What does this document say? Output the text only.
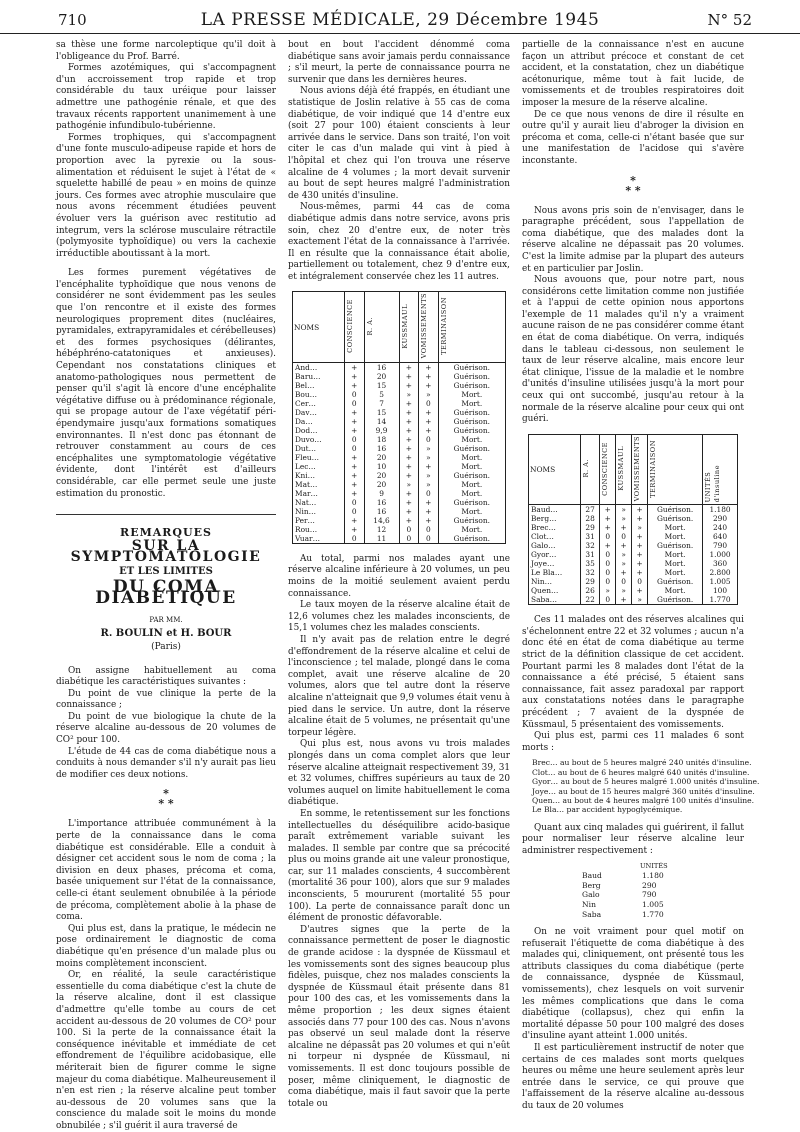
710	LA PRESSE MÉDICALE, 29 Décembre 1945	N° 52

sa thèse une forme narcoleptique qu'il doit à l'obligeance du Prof. Barré.

Formes azotémiques, qui s'accompagnent d'un accroissement trop rapide et trop considérable du taux uréique pour laisser admettre une pathogénie rénale, et que des travaux récents rapportent unanimement à une pathogénie infundibulo-tubérienne.

Formes trophiques, qui s'accompagnent d'une fonte musculo-adipeuse rapide et hors de proportion avec la pyrexie ou la sous-alimentation et réduisent le sujet à l'état de « squelette habillé de peau » en moins de quinze jours. Ces formes avec atrophie musculaire que nous avons récemment étudiées peuvent évoluer vers la guérison avec restitutio ad integrum, vers la sclérose musculaire rétractile (polymyosite typhoïdique) ou vers la cachexie irréductible aboutissant à la mort.

Les formes purement végétatives de l'encéphalite typhoïdique que nous venons de considérer ne sont évidemment pas les seules que l'on rencontre et il existe des formes neurologiques proprement dites (nucléaires, pyramidales, extrapyramidales et cérébelleuses) et des formes psychosiques (délirantes, hébéphréno-catatoniques et anxieuses). Cependant nos constatations cliniques et anatomo-pathologiques nous permettent de penser qu'il s'agit là encore d'une encéphalite végétative diffuse ou à prédominance régionale, qui se propage autour de l'axe végétatif péri-épendymaire jusqu'aux formations somatiques environnantes. Il n'est donc pas étonnant de retrouver constamment au cours de ces encéphalites une symptomatologie végétative évidente, dont l'intérêt est d'ailleurs considérable, car elle permet seule une juste estimation du pronostic.

REMARQUES
SUR LA SYMPTOMATOLOGIE
ET LES LIMITES
DU COMA DIABÉTIQUE
PAR MM.
R. BOULIN et H. BOUR
(Paris)

On assigne habituellement au coma diabétique les caractéristiques suivantes :

Du point de vue clinique la perte de la connaissance ;

Du point de vue biologique la chute de la réserve alcaline au-dessous de 20 volumes de CO² pour 100.

L'étude de 44 cas de coma diabétique nous a conduits à nous demander s'il n'y aurait pas lieu de modifier ces deux notions.

*
* *

L'importance attribuée communément à la perte de la connaissance dans le coma diabétique est considérable. Elle a conduit à désigner cet accident sous le nom de coma ; la division en deux phases, précoma et coma, basée uniquement sur l'état de la connaissance, celle-ci étant seulement obnubilée à la période de précoma, complètement abolie à la phase de coma.

Qui plus est, dans la pratique, le médecin ne pose ordinairement le diagnostic de coma diabétique qu'en présence d'un malade plus ou moins complètement inconscient.

Or, en réalité, la seule caractéristique essentielle du coma diabétique c'est la chute de la réserve alcaline, dont il est classique d'admettre qu'elle tombe au cours de cet accident au-dessous de 20 volumes de CO² pour 100. Si la perte de la connaissance était la conséquence inévitable et immédiate de cet effondrement de l'équilibre acidobasique, elle mériterait bien de figurer comme le signe majeur du coma diabétique. Malheureusement il n'en est rien ; la réserve alcaline peut tomber au-dessous de 20 volumes sans que la conscience du malade soit le moins du monde obnubilée ; s'il guérit il aura traversé de

bout en bout l'accident dénommé coma diabétique sans avoir jamais perdu connaissance ; s'il meurt, la perte de connaissance pourra ne survenir que dans les dernières heures.

Nous avions déjà été frappés, en étudiant une statistique de Joslin relative à 55 cas de coma diabétique, de voir indiqué que 14 d'entre eux (soit 27 pour 100) étaient conscients à leur arrivée dans le service. Dans son traité, l'on voit citer le cas d'un malade qui vint à pied à l'hôpital et chez qui l'on trouva une réserve alcaline de 4 volumes ; la mort devait survenir au bout de sept heures malgré l'administration de 430 unités d'insuline.

Nous-mêmes, parmi 44 cas de coma diabétique admis dans notre service, avons pris soin, chez 20 d'entre eux, de noter très exactement l'état de la connaissance à l'arrivée. Il en résulte que la connaissance était abolie, partiellement ou totalement, chez 9 d'entre eux, et intégralement conservée chez les 11 autres.

NOMS	CONSCIENCE	R. A.	KUSSMAUL	VOMISSEMENTS	TERMINAISON
And…	+	16	+	+	Guérison.
Baru…	+	20	+	+	Guérison.
Bel…	+	15	+	+	Guérison.
Bou…	0	5	»	»	Mort.
Cer…	0	7	+	0	Mort.
Dav…	+	15	+	+	Guérison.
Da…	+	14	+	+	Guérison.
Dod…	+	9,9	+	+	Guérison.
Duvo…	0	18	+	0	Mort.
Dut…	0	16	+	»	Guérison.
Fleu…	+	20	+	»	Mort.
Lec…	+	10	+	+	Mort.
Kni…	+	20	+	»	Guérison.
Mat…	+	20	»	»	Mort.
Mar…	+	9	+	0	Mort.
Nat…	0	16	+	+	Guérison.
Nin…	0	16	+	+	Mort.
Per…	+	14,6	+	+	Guérison.
Rou…	+	12	0	0	Mort.
Vuar…	0	11	0	0	Guérison.

Au total, parmi nos malades ayant une réserve alcaline inférieure à 20 volumes, un peu moins de la moitié seulement avaient perdu connaissance.

Le taux moyen de la réserve alcaline était de 12,6 volumes chez les malades inconscients, de 15,1 volumes chez les malades conscients.

Il n'y avait pas de relation entre le degré d'effondrement de la réserve alcaline et celui de l'inconscience ; tel malade, plongé dans le coma complet, avait une réserve alcaline de 20 volumes, alors que tel autre dont la réserve alcaline n'atteignait que 9,9 volumes était venu à pied dans le service. Un autre, dont la réserve alcaline était de 5 volumes, ne présentait qu'une torpeur légère.

Qui plus est, nous avons vu trois malades plongés dans un coma complet alors que leur réserve alcaline atteignait respectivement 39, 31 et 32 volumes, chiffres supérieurs au taux de 20 volumes auquel on limite habituellement le coma diabétique.

En somme, le retentissement sur les fonctions intellectuelles du déséquilibre acido-basique paraît extrêmement variable suivant les malades. Il semble par contre que sa précocité plus ou moins grande ait une valeur pronostique, car, sur 11 malades conscients, 4 succombèrent (mortalité 36 pour 100), alors que sur 9 malades inconscients, 5 moururent (mortalité 55 pour 100). La perte de connaissance paraît donc un élément de pronostic défavorable.

D'autres signes que la perte de la connaissance permettent de poser le diagnostic de grande acidose : la dyspnée de Küssmaul et les vomissements sont des signes beaucoup plus fidèles, puisque, chez nos malades conscients la dyspnée de Küssmaul était présente dans 81 pour 100 des cas, et les vomissements dans la même proportion ; les deux signes étaient associés dans 77 pour 100 des cas. Nous n'avons pas observé un seul malade dont la réserve alcaline ne dépassât pas 20 volumes et qui n'eût ni torpeur ni dyspnée de Küssmaul, ni vomissements. Il est donc toujours possible de poser, même cliniquement, le diagnostic de coma diabétique, mais il faut savoir que la perte totale ou

partielle de la connaissance n'est en aucune façon un attribut précoce et constant de cet accident, et la constatation, chez un diabétique acétonurique, même tout à fait lucide, de vomissements et de troubles respiratoires doit imposer la mesure de la réserve alcaline.

De ce que nous venons de dire il résulte en outre qu'il y aurait lieu d'abroger la division en précoma et coma, celle-ci n'étant basée que sur une manifestation de l'acidose qui s'avère inconstante.

*
* *

Nous avons pris soin de n'envisager, dans le paragraphe précédent, sous l'appellation de coma diabétique, que des malades dont la réserve alcaline ne dépassait pas 20 volumes. C'est la limite admise par la plupart des auteurs et en particulier par Joslin.

Nous avouons que, pour notre part, nous considérons cette limitation comme non justifiée et à l'appui de cette opinion nous apportons l'exemple de 11 malades qu'il n'y a vraiment aucune raison de ne pas considérer comme étant en état de coma diabétique. On verra, indiqués dans le tableau ci-dessous, non seulement le taux de leur réserve alcaline, mais encore leur état clinique, l'issue de la maladie et le nombre d'unités d'insuline utilisées jusqu'à la mort pour ceux qui ont succombé, jusqu'au retour à la normale de la réserve alcaline pour ceux qui ont guéri.

NOMS	R. A.	CONSCIENCE	KUSSMAUL	VOMISSEMENTS	TERMINAISON	UNITÉS d'insuline
Baud…	27	+	»	+	Guérison.	1.180
Berg…	28	+	»	+	Guérison.	290
Brec…	29	+	+	»	Mort.	240
Clot…	31	0	0	+	Mort.	640
Galo…	32	+	+	+	Guérison.	790
Gyor…	31	0	»	+	Mort.	1.000
Joye…	35	0	»	+	Mort.	360
Le Bla…	32	0	+	+	Mort.	2.800
Nin…	29	0	0	0	Guérison.	1.005
Quen…	26	»	»	+	Mort.	100
Saba…	22	0	+	»	Guérison.	1.770

Ces 11 malades ont des réserves alcalines qui s'échelonnent entre 22 et 32 volumes ; aucun n'a donc été en état de coma diabétique au terme strict de la définition classique de cet accident. Pourtant parmi les 8 malades dont l'état de la connaissance a été précisé, 5 étaient sans connaissance, fait assez paradoxal par rapport aux constatations notées dans le paragraphe précédent ; 7 avaient de la dyspnée de Küssmaul, 5 présentaient des vomissements.

Qui plus est, parmi ces 11 malades 6 sont morts :

Brec… au bout de 5 heures malgré 240 unités d'insuline.
Clot… au bout de 6 heures malgré 640 unités d'insuline.
Gyor… au bout de 5 heures malgré 1.000 unités d'insuline.
Joye… au bout de 15 heures malgré 360 unités d'insuline.
Quen… au bout de 4 heures malgré 100 unités d'insuline.
Le Bla… par accident hypoglycémique.

Quant aux cinq malades qui guérirent, il fallut pour normaliser leur réserve alcaline leur administrer respectivement :

UNITÉS
Baud	1.180
Berg	290
Galo	790
Nin	1.005
Saba	1.770

On ne voit vraiment pour quel motif on refuserait l'étiquette de coma diabétique à des malades qui, cliniquement, ont présenté tous les attributs classiques du coma diabétique (perte de connaissance, dyspnée de Küssmaul, vomissements), chez lesquels on voit survenir les mêmes complications que dans le coma diabétique (collapsus), chez qui enfin la mortalité dépasse 50 pour 100 malgré des doses d'insuline ayant atteint 1.000 unités.

Il est particulièrement instructif de noter que certains de ces malades sont morts quelques heures ou même une heure seulement après leur entrée dans le service, ce qui prouve que l'affaissement de la réserve alcaline au-dessous du taux de 20 volumes
